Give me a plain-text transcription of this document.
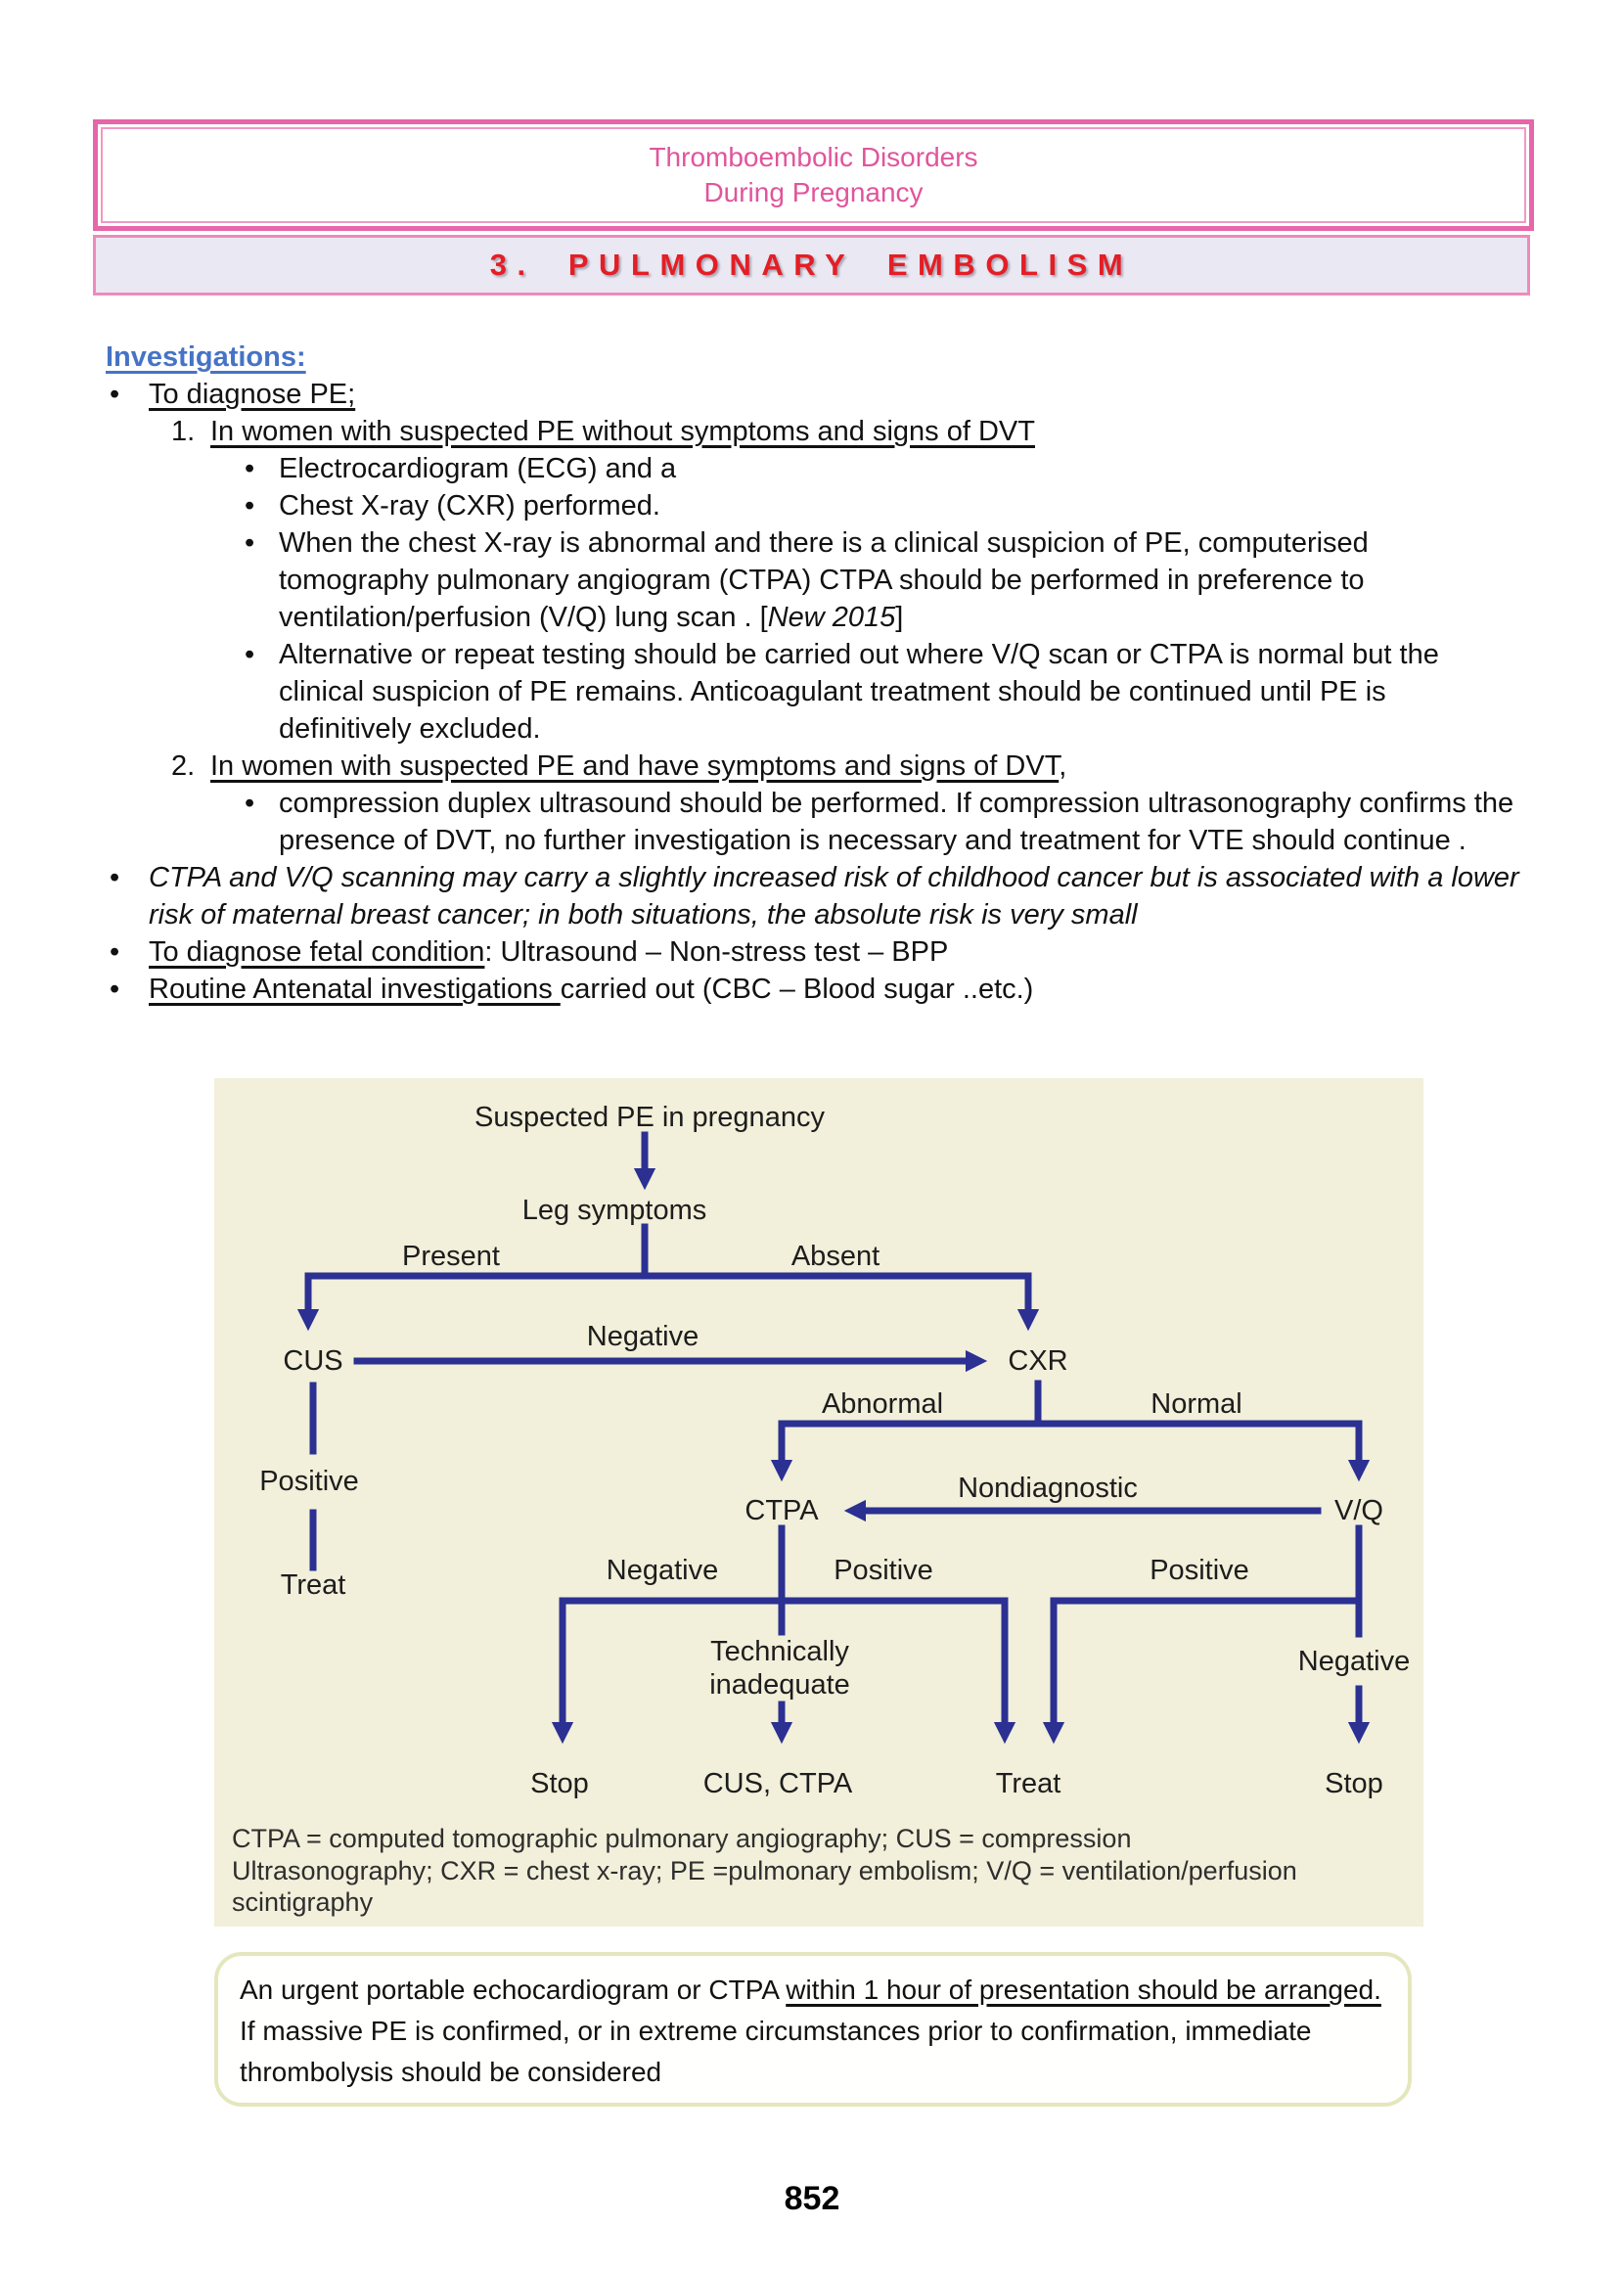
Thromboembolic Disorders
During Pregnancy
3. PULMONARY EMBOLISM
Investigations:
•	To diagnose PE;
1. In women with suspected PE without symptoms and signs of DVT
• Electrocardiogram (ECG) and a
• Chest X-ray (CXR) performed.
• When the chest X-ray is abnormal and there is a clinical suspicion of PE, computerised tomography pulmonary angiogram (CTPA) CTPA should be performed in preference to ventilation/perfusion (V/Q) lung scan . [New 2015]
• Alternative or repeat testing should be carried out where V/Q scan or CTPA is normal but the clinical suspicion of PE remains. Anticoagulant treatment should be continued until PE is definitively excluded.
2. In women with suspected PE and have symptoms and signs of DVT,
• compression duplex ultrasound should be performed. If compression ultrasonography confirms the presence of DVT, no further investigation is necessary and treatment for VTE should continue .
•	CTPA and V/Q scanning may carry a slightly increased risk of childhood cancer but is associated with a lower risk of maternal breast cancer; in both situations, the absolute risk is very small
•	To diagnose fetal condition: Ultrasound – Non-stress test – BPP
•	Routine Antenatal investigations carried out (CBC – Blood sugar ..etc.)
Suspected PE in pregnancy
Leg symptoms
Present	Absent
CUS	CXR
Negative
Abnormal	Normal
Positive
Treat
CTPA	V/Q
Nondiagnostic
Negative	Positive	Positive
Technically
inadequate
Negative
Stop	CUS, CTPA	Treat	Stop
CTPA = computed tomographic pulmonary angiography; CUS = compression
Ultrasonography; CXR = chest x-ray; PE =pulmonary embolism; V/Q = ventilation/perfusion
scintigraphy
An urgent portable echocardiogram or CTPA within 1 hour of presentation should be arranged. If massive PE is confirmed, or in extreme circumstances prior to confirmation, immediate thrombolysis should be considered
852
